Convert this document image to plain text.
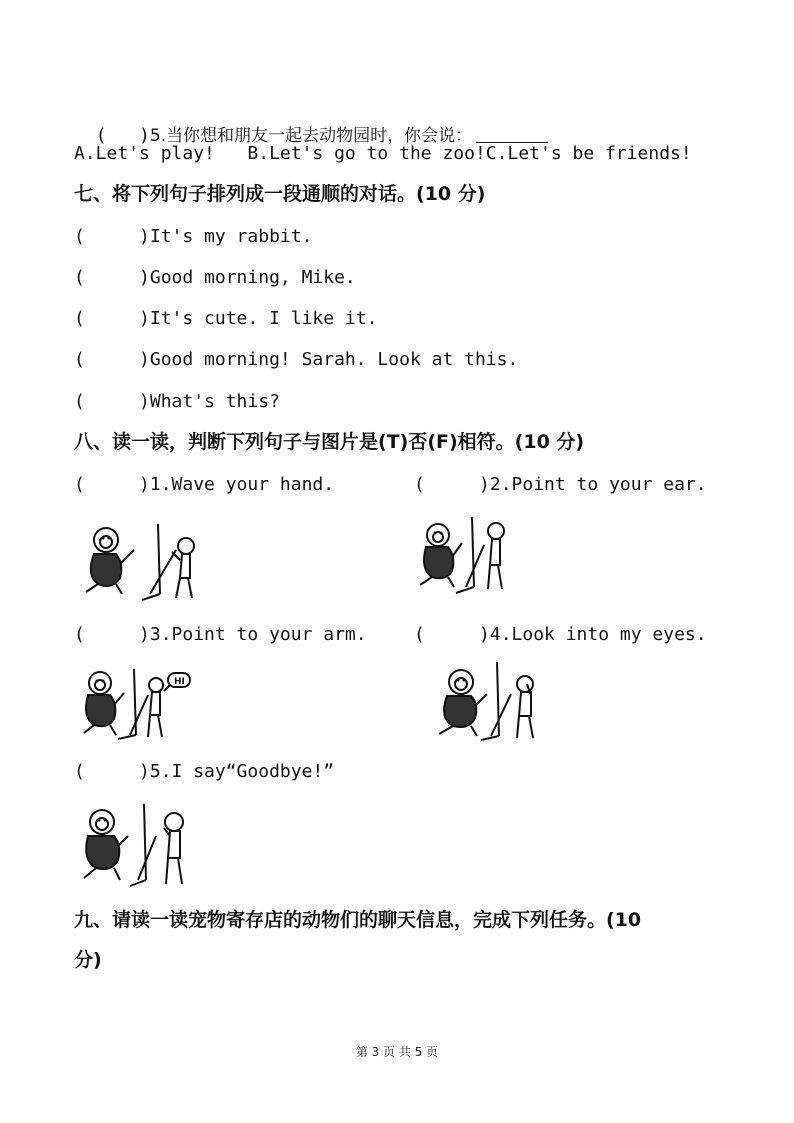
(   )5.当你想和朋友一起去动物园时，你会说：

A.Let's play!   B.Let's go to the zoo!C.Let's be friends!
七、将下列句子排列成一段通顺的对话。(10 分)
(     )It's my rabbit.
(     )Good morning, Mike.
(     )It's cute. I like it.
(     )Good morning! Sarah. Look at this.
(     )What's this?
八、读一读，判断下列句子与图片是(T)否(F)相符。(10 分)
(     )1.Wave your hand.	(     )2.Point to your ear.
(     )3.Point to your arm.	(     )4.Look into my eyes.
HI
(     )5.I say“Goodbye!”
九、请读一读宠物寄存店的动物们的聊天信息，完成下列任务。(10
分)
第 3 页 共 5 页
